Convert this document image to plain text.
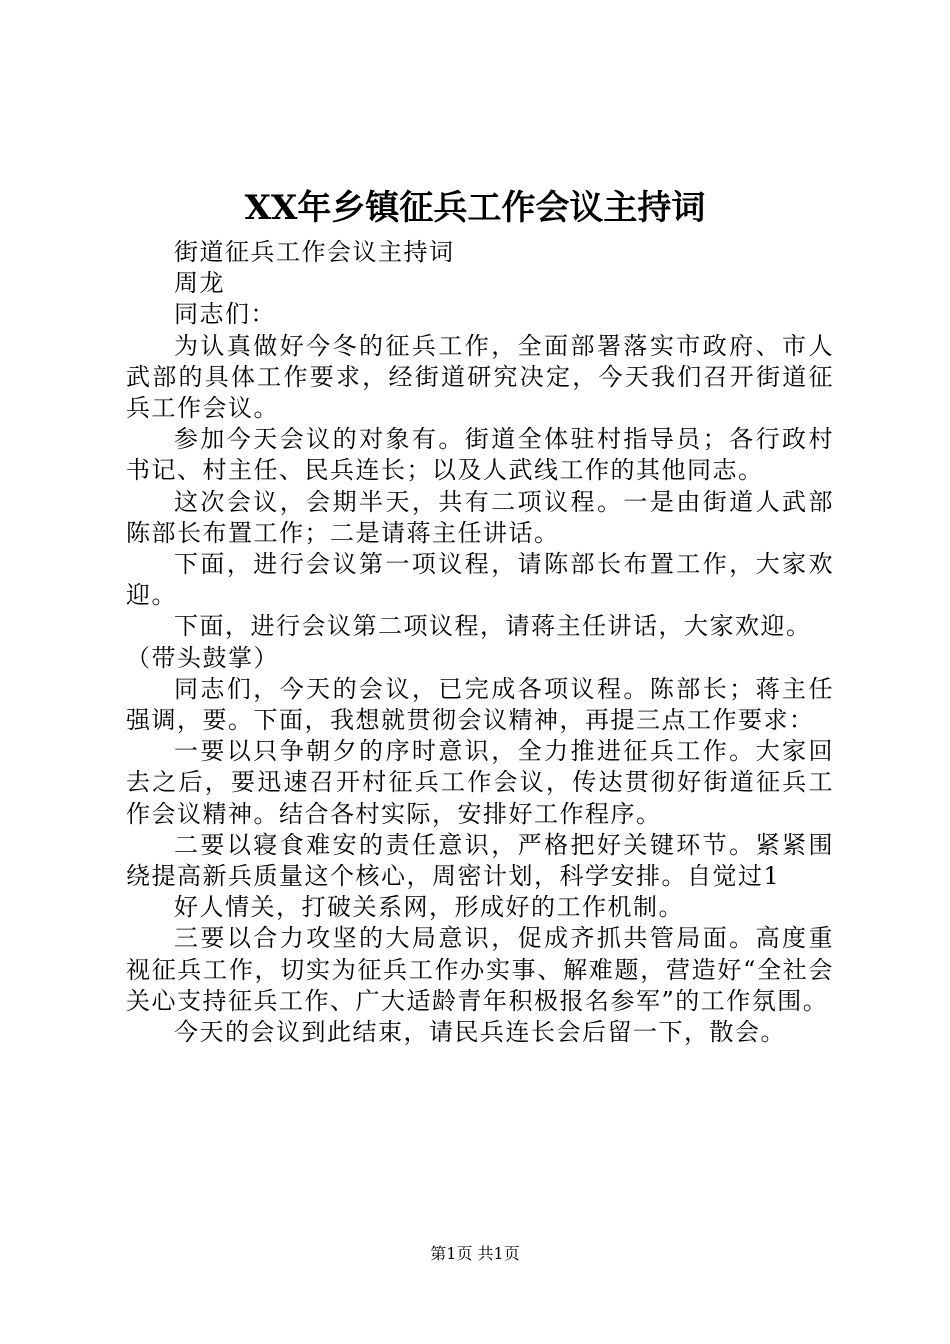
XX年乡镇征兵工作会议主持词

街道征兵工作会议主持词

周龙

同志们：

为认真做好今冬的征兵工作，全面部署落实市政府、市人武部的具体工作要求，经街道研究决定，今天我们召开街道征兵工作会议。

参加今天会议的对象有。街道全体驻村指导员；各行政村书记、村主任、民兵连长；以及人武线工作的其他同志。

这次会议，会期半天，共有二项议程。一是由街道人武部陈部长布置工作；二是请蒋主任讲话。

下面，进行会议第一项议程，请陈部长布置工作，大家欢迎。

下面，进行会议第二项议程，请蒋主任讲话，大家欢迎。

（带头鼓掌）

同志们，今天的会议，已完成各项议程。陈部长；蒋主任强调，要。下面，我想就贯彻会议精神，再提三点工作要求：

一要以只争朝夕的序时意识，全力推进征兵工作。大家回去之后，要迅速召开村征兵工作会议，传达贯彻好街道征兵工作会议精神。结合各村实际，安排好工作程序。

二要以寝食难安的责任意识，严格把好关键环节。紧紧围绕提高新兵质量这个核心，周密计划，科学安排。自觉过1

好人情关，打破关系网，形成好的工作机制。

三要以合力攻坚的大局意识，促成齐抓共管局面。高度重视征兵工作，切实为征兵工作办实事、解难题，营造好“全社会关心支持征兵工作、广大适龄青年积极报名参军”的工作氛围。

今天的会议到此结束，请民兵连长会后留一下，散会。

第1页 共1页
